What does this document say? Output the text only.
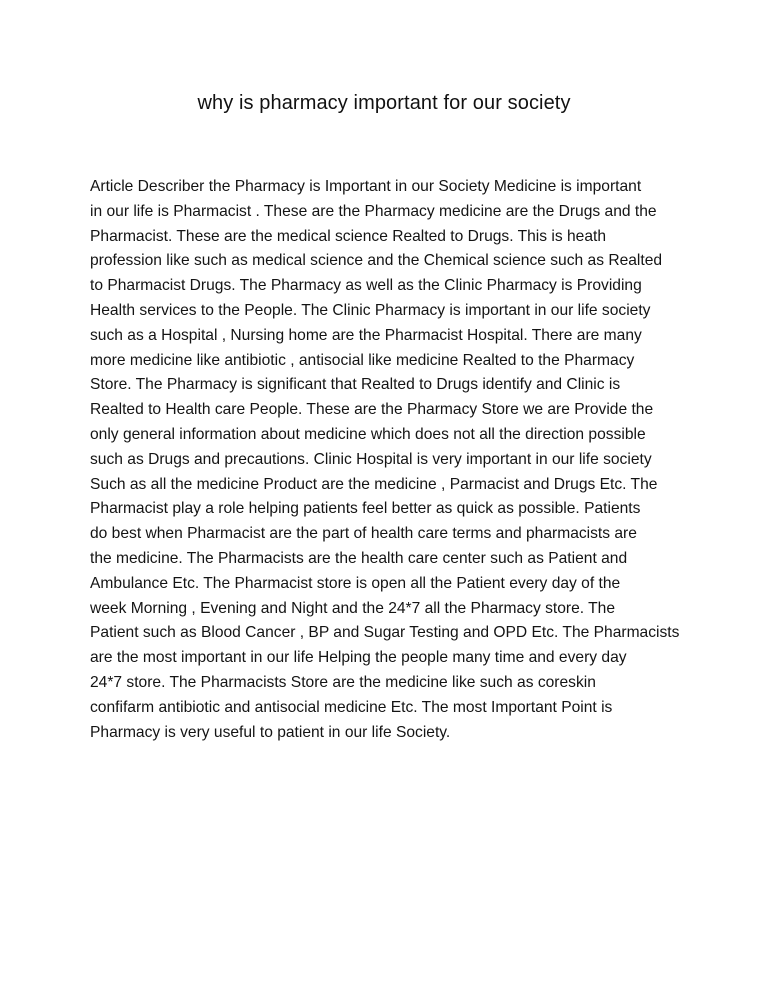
why is pharmacy important for our society
Article Describer the Pharmacy is Important in our Society Medicine is important
in our life is Pharmacist . These are the Pharmacy medicine are the Drugs and the
Pharmacist. These are the medical science Realted to Drugs. This is heath
profession like such as medical science and the Chemical science such as Realted
to Pharmacist Drugs. The Pharmacy as well as the Clinic Pharmacy is Providing
Health services to the People. The Clinic Pharmacy is important in our life society
such as a Hospital , Nursing home are the Pharmacist Hospital. There are many
more medicine like antibiotic , antisocial like medicine Realted to the Pharmacy
Store. The Pharmacy is significant that Realted to Drugs identify and Clinic is
Realted to Health care People. These are the Pharmacy Store we are Provide the
only general information about medicine which does not all the direction possible
such as Drugs and precautions. Clinic Hospital is very important in our life society
Such as all the medicine Product are the medicine , Parmacist and Drugs Etc. The
Pharmacist play a role helping patients feel better as quick as possible. Patients
do best when Pharmacist are the part of health care terms and pharmacists are
the medicine. The Pharmacists are the health care center such as Patient and
Ambulance Etc. The Pharmacist store is open all the Patient every day of the
week Morning , Evening and Night and the 24*7 all the Pharmacy store. The
Patient such as Blood Cancer , BP and Sugar Testing and OPD Etc. The Pharmacists
are the most important in our life Helping the people many time and every day
24*7 store. The Pharmacists Store are the medicine like such as coreskin
confifarm antibiotic and antisocial medicine Etc. The most Important Point is
Pharmacy is very useful to patient in our life Society.
